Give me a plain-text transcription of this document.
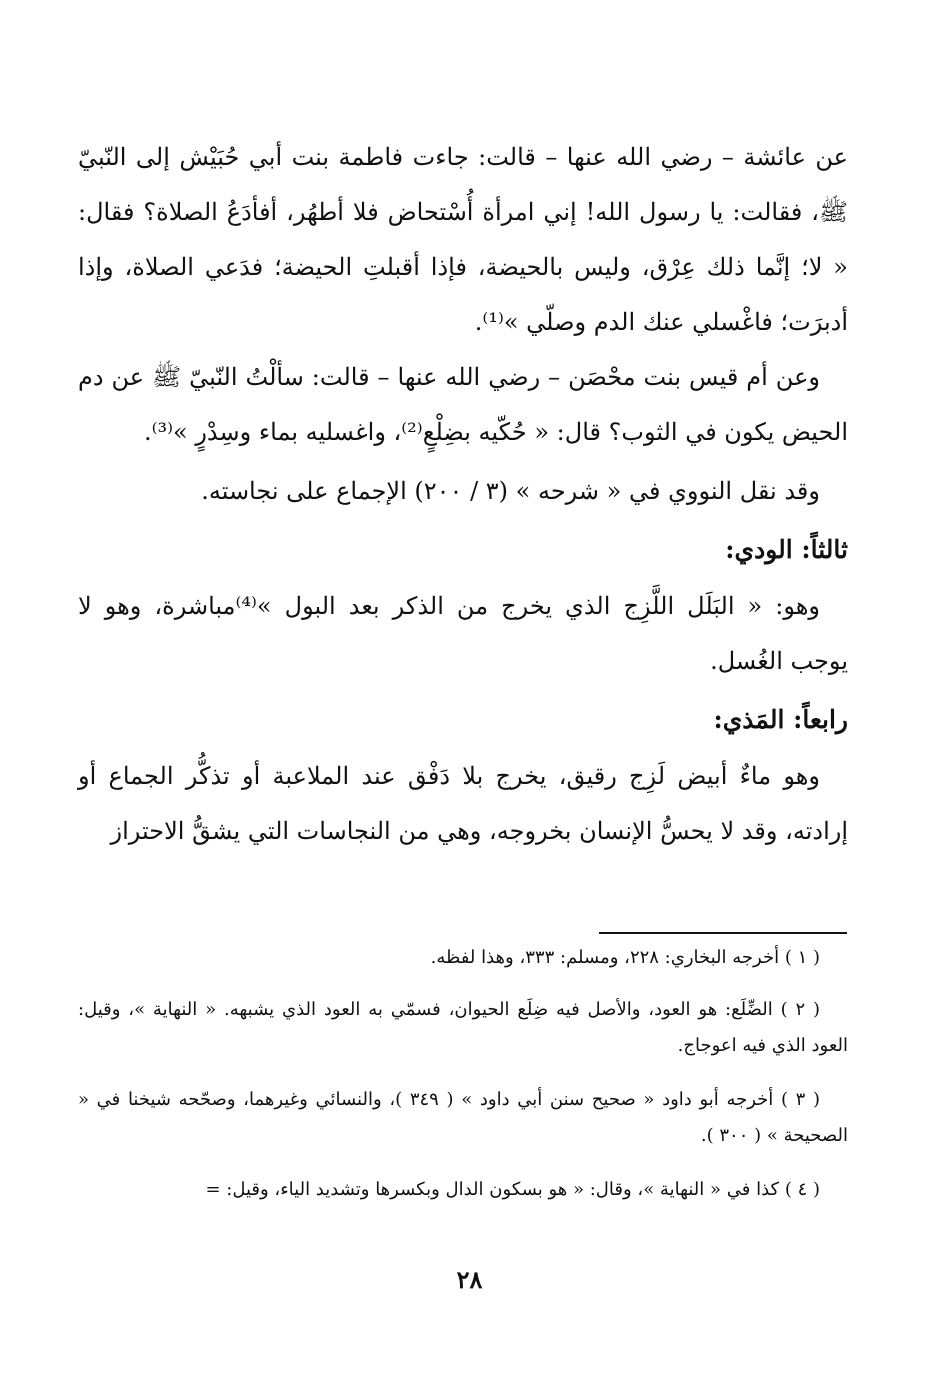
عن عائشة – رضي الله عنها – قالت: جاءت فاطمة بنت أبي حُبَيْش إلى النّبيّ ﷺ، فقالت: يا رسول الله! إني امرأة أُسْتحاض فلا أطهُر، أفأدَعُ الصلاة؟ فقال: « لا؛ إنَّما ذلك عِرْق، وليس بالحيضة، فإذا أقبلتِ الحيضة؛ فدَعي الصلاة، وإذا أدبرَت؛ فاغْسلي عنك الدم وصلّي »⁽¹⁾.

وعن أم قيس بنت محْصَن – رضي الله عنها – قالت: سألْتُ النّبيّ ﷺ عن دم الحيض يكون في الثوب؟ قال: « حُكّيه بضِلْعٍ⁽²⁾، واغسليه بماء وسِدْرٍ »⁽³⁾.

وقد نقل النووي في « شرحه » (٣ / ٢٠٠) الإجماع على نجاسته.

ثالثاً: الودي:

وهو: « البَلَل اللَّزِج الذي يخرج من الذكر بعد البول »⁽⁴⁾مباشرة، وهو لا يوجب الغُسل.

رابعاً: المَذي:

وهو ماءٌ أبيض لَزِج رقيق، يخرج بلا دَفْق عند الملاعبة أو تذكُّر الجماع أو إرادته، وقد لا يحسُّ الإنسان بخروجه، وهي من النجاسات التي يشقُّ الاحتراز

( ١ ) أخرجه البخاري: ٢٢٨، ومسلم: ٣٣٣، وهذا لفظه.

( ٢ ) الضِّلَع: هو العود، والأصل فيه ضِلَع الحيوان، فسمّي به العود الذي يشبهه. « النهاية »، وقيل: العود الذي فيه اعوجاج.

( ٣ ) أخرجه أبو داود « صحيح سنن أبي داود » ( ٣٤٩ )، والنسائي وغيرهما، وصحّحه شيخنا في « الصحيحة » ( ٣٠٠ ).

( ٤ ) كذا في « النهاية »، وقال: « هو بسكون الدال وبكسرها وتشديد الياء، وقيل: =

٢٨
